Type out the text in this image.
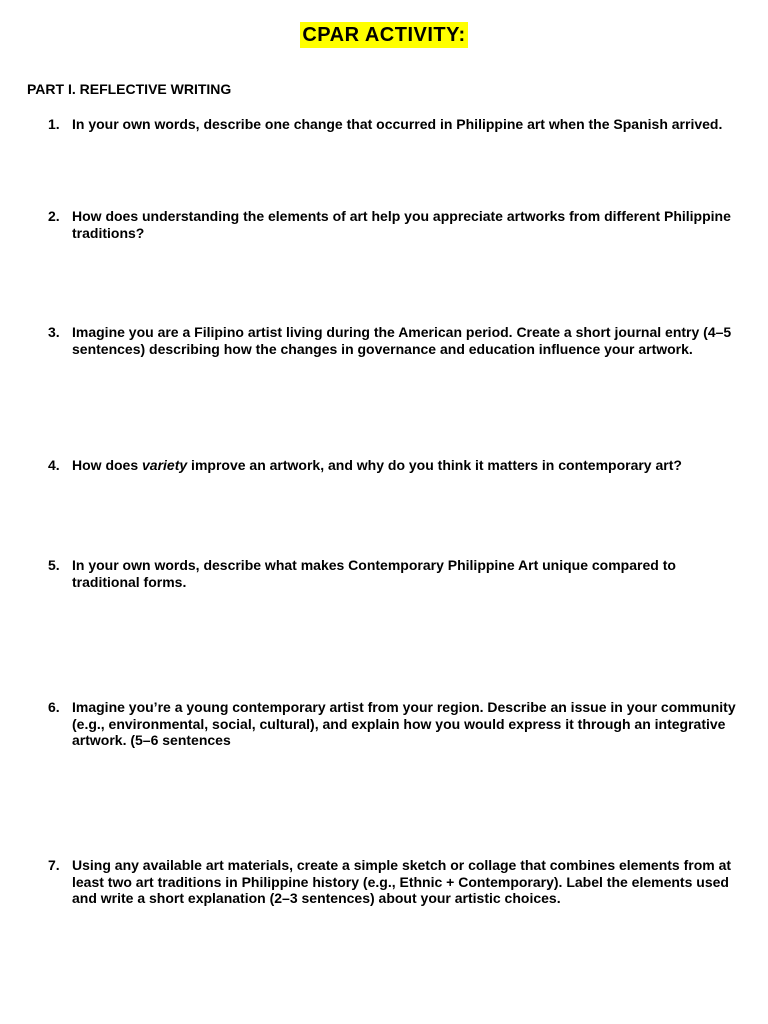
CPAR ACTIVITY:
PART I. REFLECTIVE WRITING
1. In your own words, describe one change that occurred in Philippine art when the Spanish arrived.
2. How does understanding the elements of art help you appreciate artworks from different Philippine traditions?
3. Imagine you are a Filipino artist living during the American period. Create a short journal entry (4–5 sentences) describing how the changes in governance and education influence your artwork.
4. How does variety improve an artwork, and why do you think it matters in contemporary art?
5. In your own words, describe what makes Contemporary Philippine Art unique compared to traditional forms.
6. Imagine you’re a young contemporary artist from your region. Describe an issue in your community (e.g., environmental, social, cultural), and explain how you would express it through an integrative artwork. (5–6 sentences
7. Using any available art materials, create a simple sketch or collage that combines elements from at least two art traditions in Philippine history (e.g., Ethnic + Contemporary). Label the elements used and write a short explanation (2–3 sentences) about your artistic choices.
